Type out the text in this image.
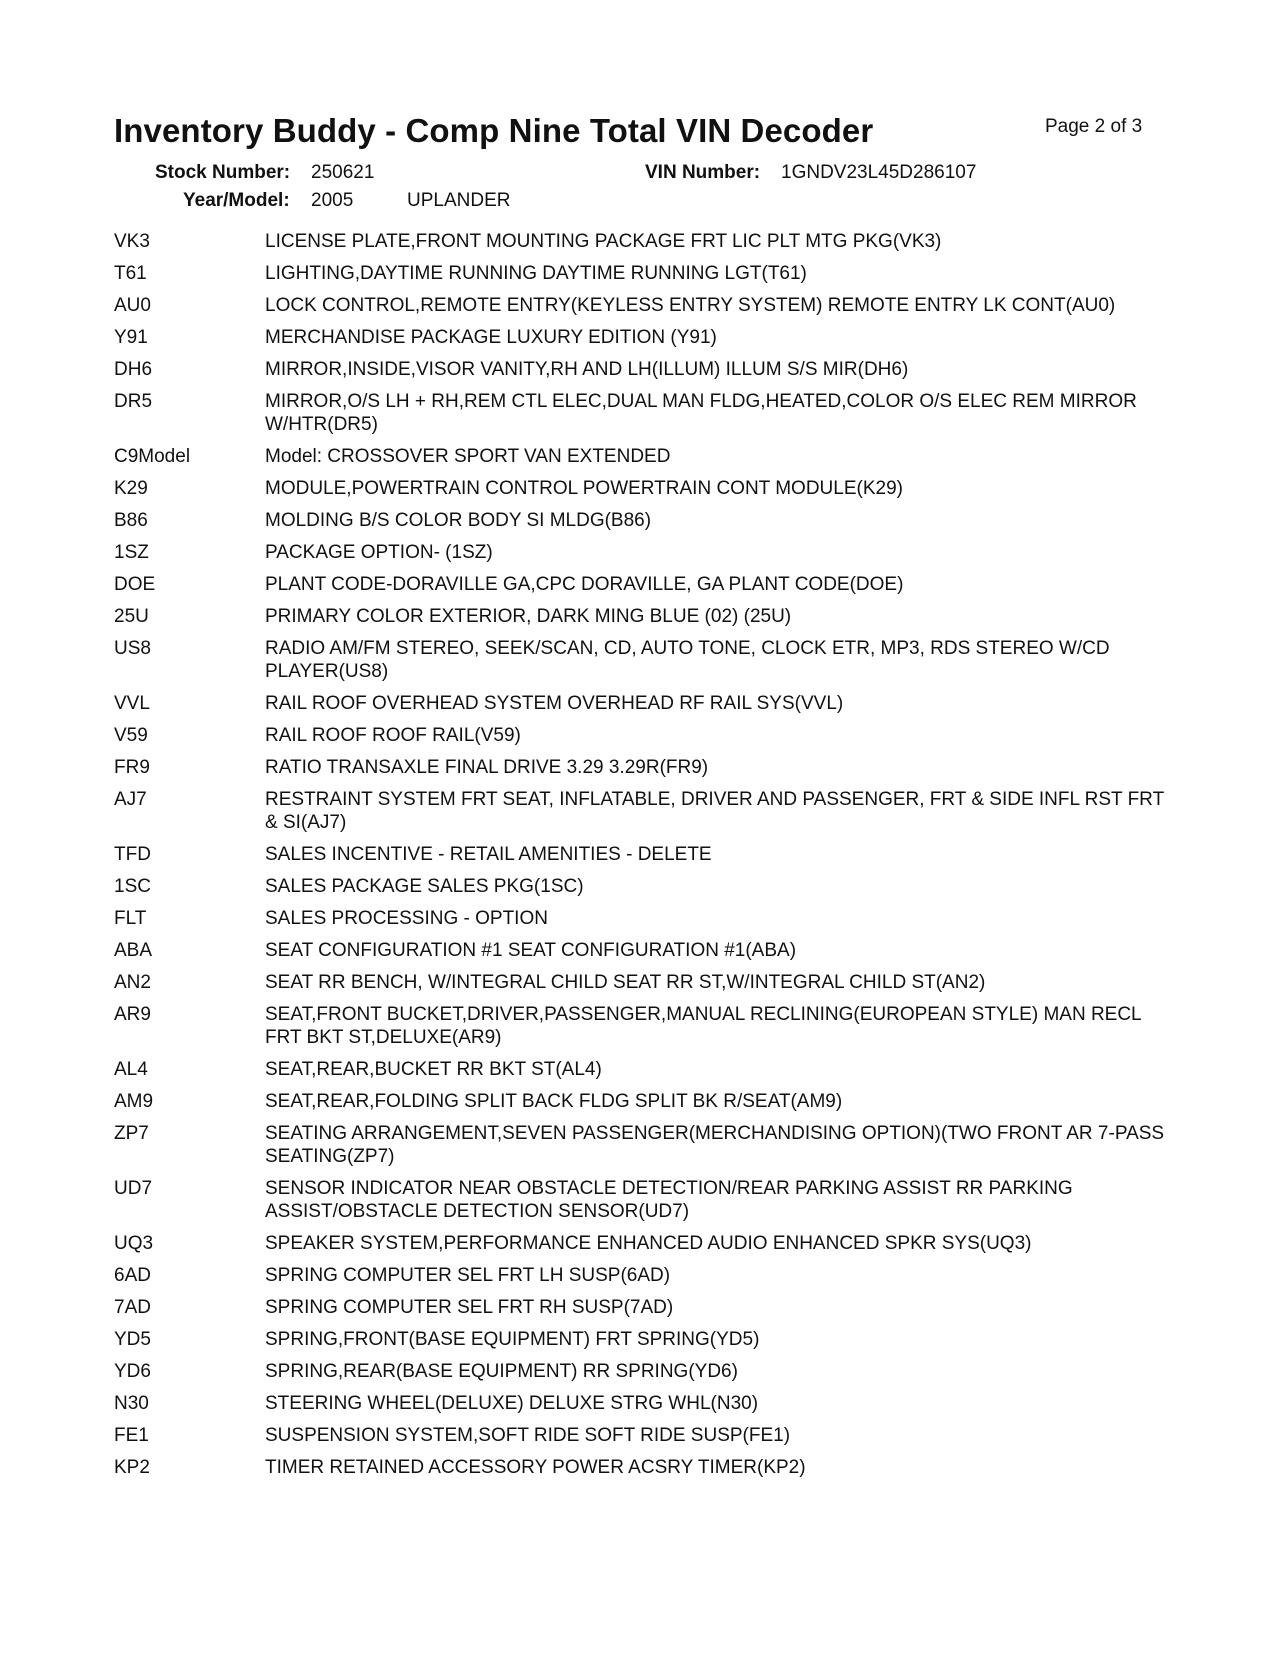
Inventory Buddy - Comp Nine Total VIN Decoder	Page 2 of 3
Stock Number: 250621	VIN Number: 1GNDV23L45D286107
Year/Model: 2005	UPLANDER
VK3	LICENSE PLATE,FRONT MOUNTING PACKAGE FRT LIC PLT MTG PKG(VK3)
T61	LIGHTING,DAYTIME RUNNING DAYTIME RUNNING LGT(T61)
AU0	LOCK CONTROL,REMOTE ENTRY(KEYLESS ENTRY SYSTEM) REMOTE ENTRY LK CONT(AU0)
Y91	MERCHANDISE PACKAGE LUXURY EDITION (Y91)
DH6	MIRROR,INSIDE,VISOR VANITY,RH AND LH(ILLUM) ILLUM S/S MIR(DH6)
DR5	MIRROR,O/S LH + RH,REM CTL ELEC,DUAL MAN FLDG,HEATED,COLOR O/S ELEC REM MIRROR W/HTR(DR5)
C9Model	Model: CROSSOVER SPORT VAN EXTENDED
K29	MODULE,POWERTRAIN CONTROL POWERTRAIN CONT MODULE(K29)
B86	MOLDING B/S COLOR BODY SI MLDG(B86)
1SZ	PACKAGE OPTION- (1SZ)
DOE	PLANT CODE-DORAVILLE GA,CPC DORAVILLE, GA PLANT CODE(DOE)
25U	PRIMARY COLOR EXTERIOR, DARK MING BLUE (02) (25U)
US8	RADIO AM/FM STEREO, SEEK/SCAN, CD, AUTO TONE, CLOCK ETR, MP3, RDS STEREO W/CD PLAYER(US8)
VVL	RAIL ROOF OVERHEAD SYSTEM OVERHEAD RF RAIL SYS(VVL)
V59	RAIL ROOF ROOF RAIL(V59)
FR9	RATIO TRANSAXLE FINAL DRIVE 3.29 3.29R(FR9)
AJ7	RESTRAINT SYSTEM FRT SEAT, INFLATABLE, DRIVER AND PASSENGER, FRT & SIDE INFL RST FRT & SI(AJ7)
TFD	SALES INCENTIVE - RETAIL AMENITIES - DELETE
1SC	SALES PACKAGE SALES PKG(1SC)
FLT	SALES PROCESSING - OPTION
ABA	SEAT CONFIGURATION #1 SEAT CONFIGURATION #1(ABA)
AN2	SEAT RR BENCH, W/INTEGRAL CHILD SEAT RR ST,W/INTEGRAL CHILD ST(AN2)
AR9	SEAT,FRONT BUCKET,DRIVER,PASSENGER,MANUAL RECLINING(EUROPEAN STYLE) MAN RECL FRT BKT ST,DELUXE(AR9)
AL4	SEAT,REAR,BUCKET RR BKT ST(AL4)
AM9	SEAT,REAR,FOLDING SPLIT BACK FLDG SPLIT BK R/SEAT(AM9)
ZP7	SEATING ARRANGEMENT,SEVEN PASSENGER(MERCHANDISING OPTION)(TWO FRONT AR 7-PASS SEATING(ZP7)
UD7	SENSOR INDICATOR NEAR OBSTACLE DETECTION/REAR PARKING ASSIST RR PARKING ASSIST/OBSTACLE DETECTION SENSOR(UD7)
UQ3	SPEAKER SYSTEM,PERFORMANCE ENHANCED AUDIO ENHANCED SPKR SYS(UQ3)
6AD	SPRING COMPUTER SEL FRT LH SUSP(6AD)
7AD	SPRING COMPUTER SEL FRT RH SUSP(7AD)
YD5	SPRING,FRONT(BASE EQUIPMENT) FRT SPRING(YD5)
YD6	SPRING,REAR(BASE EQUIPMENT) RR SPRING(YD6)
N30	STEERING WHEEL(DELUXE) DELUXE STRG WHL(N30)
FE1	SUSPENSION SYSTEM,SOFT RIDE SOFT RIDE SUSP(FE1)
KP2	TIMER RETAINED ACCESSORY POWER ACSRY TIMER(KP2)
